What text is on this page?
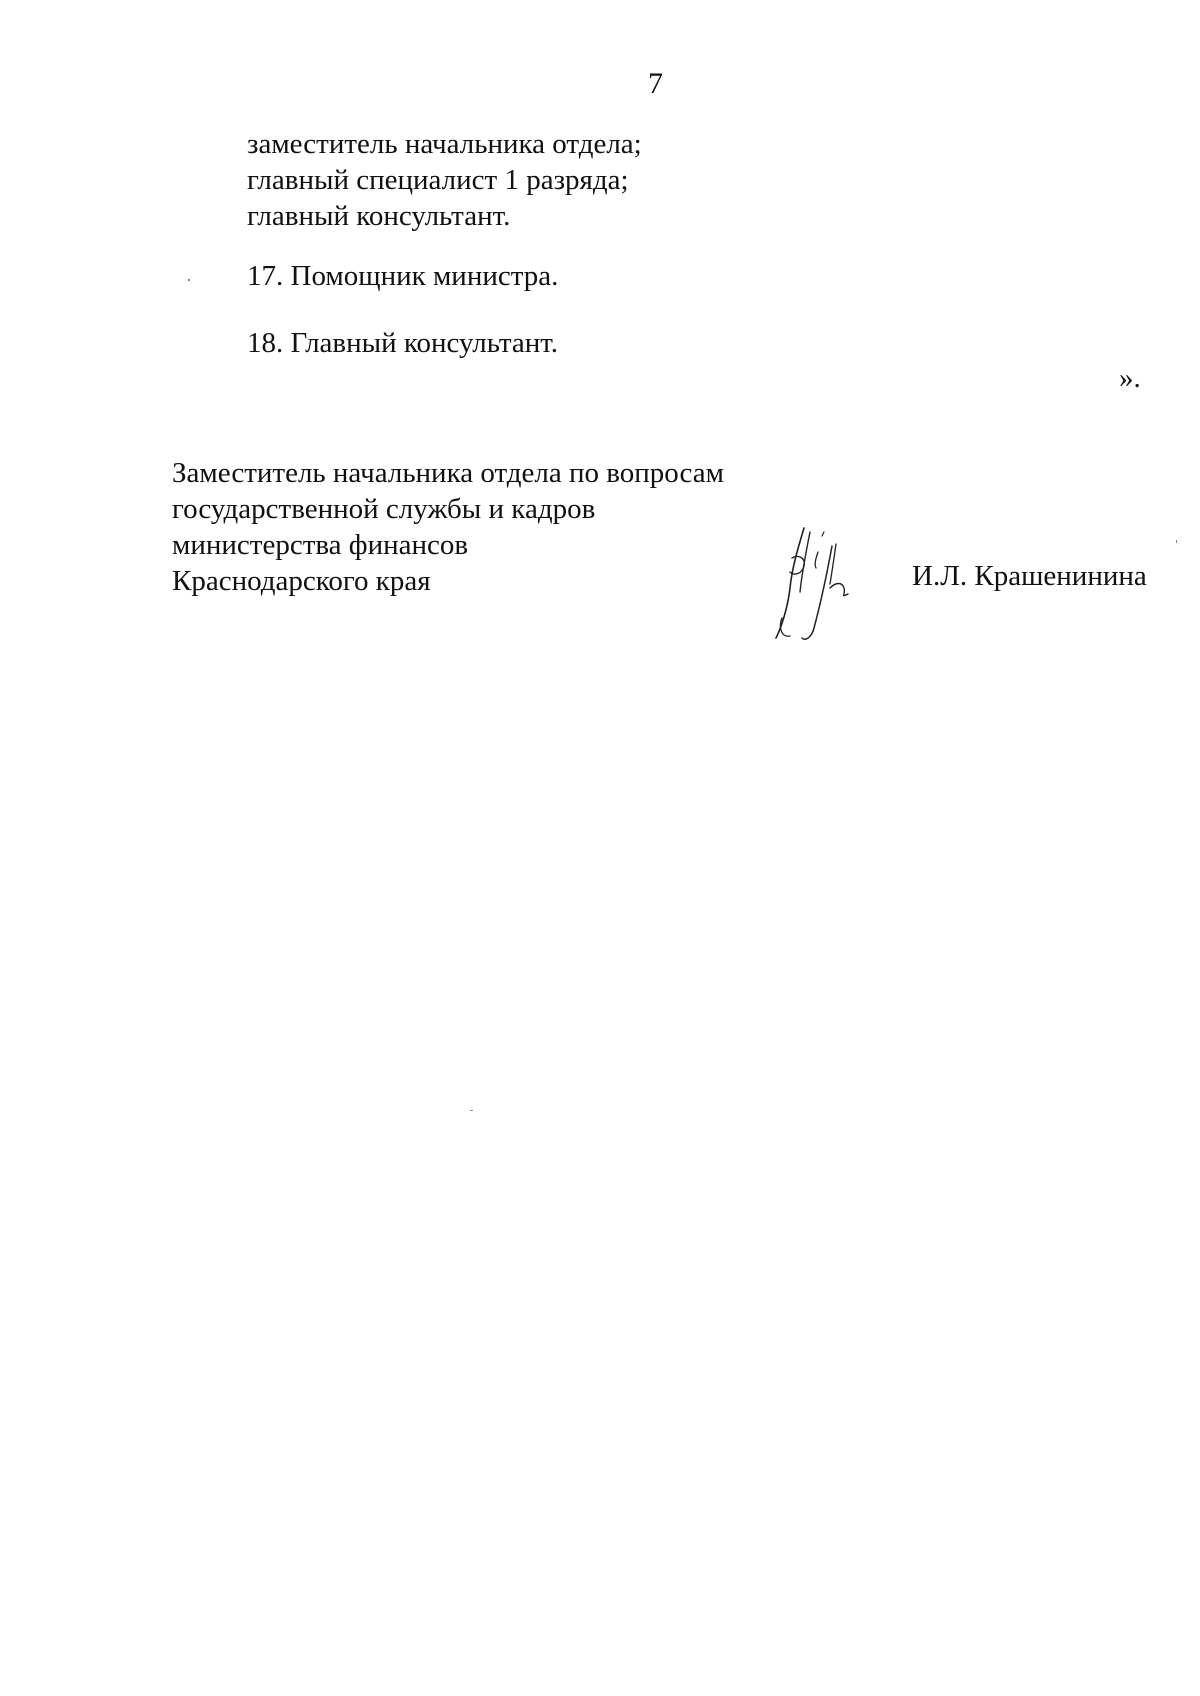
7
заместитель начальника отдела;
главный специалист 1 разряда;
главный консультант.
17. Помощник министра.
18. Главный консультант.
».
Заместитель начальника отдела по вопросам
государственной службы и кадров
министерства финансов
Краснодарского края	И.Л. Крашенинина
